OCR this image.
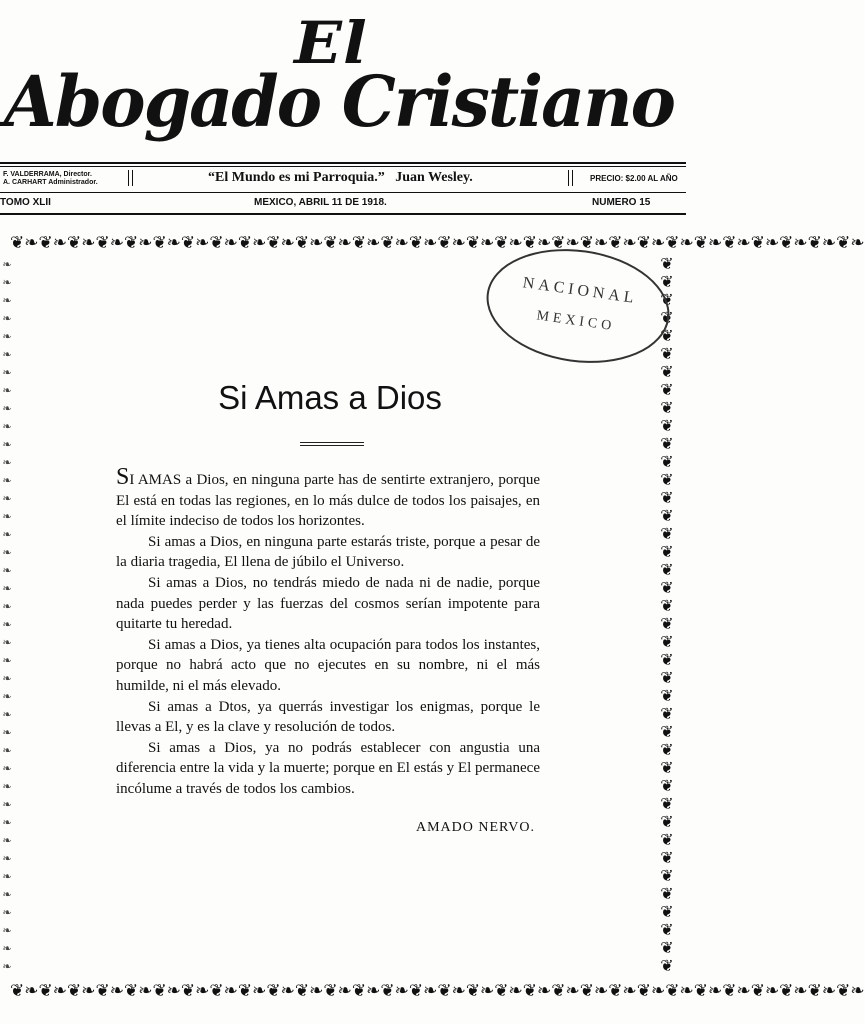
El
Abogado Cristiano
F. VALDERRAMA, Director.
A. CARHART Administrador.	“El Mundo es mi Parroquia.” Juan Wesley.	PRECIO: $2.00 AL AÑO
TOMO XLII	MEXICO, ABRIL 11 DE 1918.	NUMERO 15
❦❧❦❧❦❧❦❧❦❧❦❧❦❧❦❧❦❧❦❧❦❧❦❧❦❧❦❧❦❧❦❧❦❧❦❧❦❧❦❧❦❧❦❧❦❧❦❧❦❧❦❧❦❧❦❧❦❧❦❧
❧❧❧❧❧❧❧❧❧❧❧❧❧❧❧❧❧❧❧❧❧❧❧❧❧❧❧❧❧❧❧❧❧❧❧❧❧❧❧❧
❦❦❦❦❦❦❦❦❦❦❦❦❦❦❦❦❦❦❦❦❦❦❦❦❦❦❦❦❦❦❦❦❦❦❦❦❦❦❦❦
❦❧❦❧❦❧❦❧❦❧❦❧❦❧❦❧❦❧❦❧❦❧❦❧❦❧❦❧❦❧❦❧❦❧❦❧❦❧❦❧❦❧❦❧❦❧❦❧❦❧❦❧❦❧❦❧❦❧❦❧
NACIONAL
MEXICO
Si Amas a Dios

SI AMAS a Dios, en ninguna parte has de sentirte extranjero, porque El está en todas las regiones, en lo más dulce de todos los paisajes, en el límite indeciso de todos los horizontes.

Si amas a Dios, en ninguna parte estarás triste, porque a pesar de la diaria tragedia, El llena de júbilo el Universo.

Si amas a Dios, no tendrás miedo de nada ni de nadie, porque nada puedes perder y las fuerzas del cosmos serían impotente para quitarte tu heredad.

Si amas a Dios, ya tienes alta ocupación para todos los instantes, porque no habrá acto que no ejecutes en su nombre, ni el más humilde, ni el más elevado.

Si amas a Dtos, ya querrás investigar los enigmas, porque le llevas a El, y es la clave y resolución de todos.

Si amas a Dios, ya no podrás establecer con angustia una diferencia entre la vida y la muerte; porque en El estás y El permanece incólume a través de todos los cambios.

AMADO NERVO.
